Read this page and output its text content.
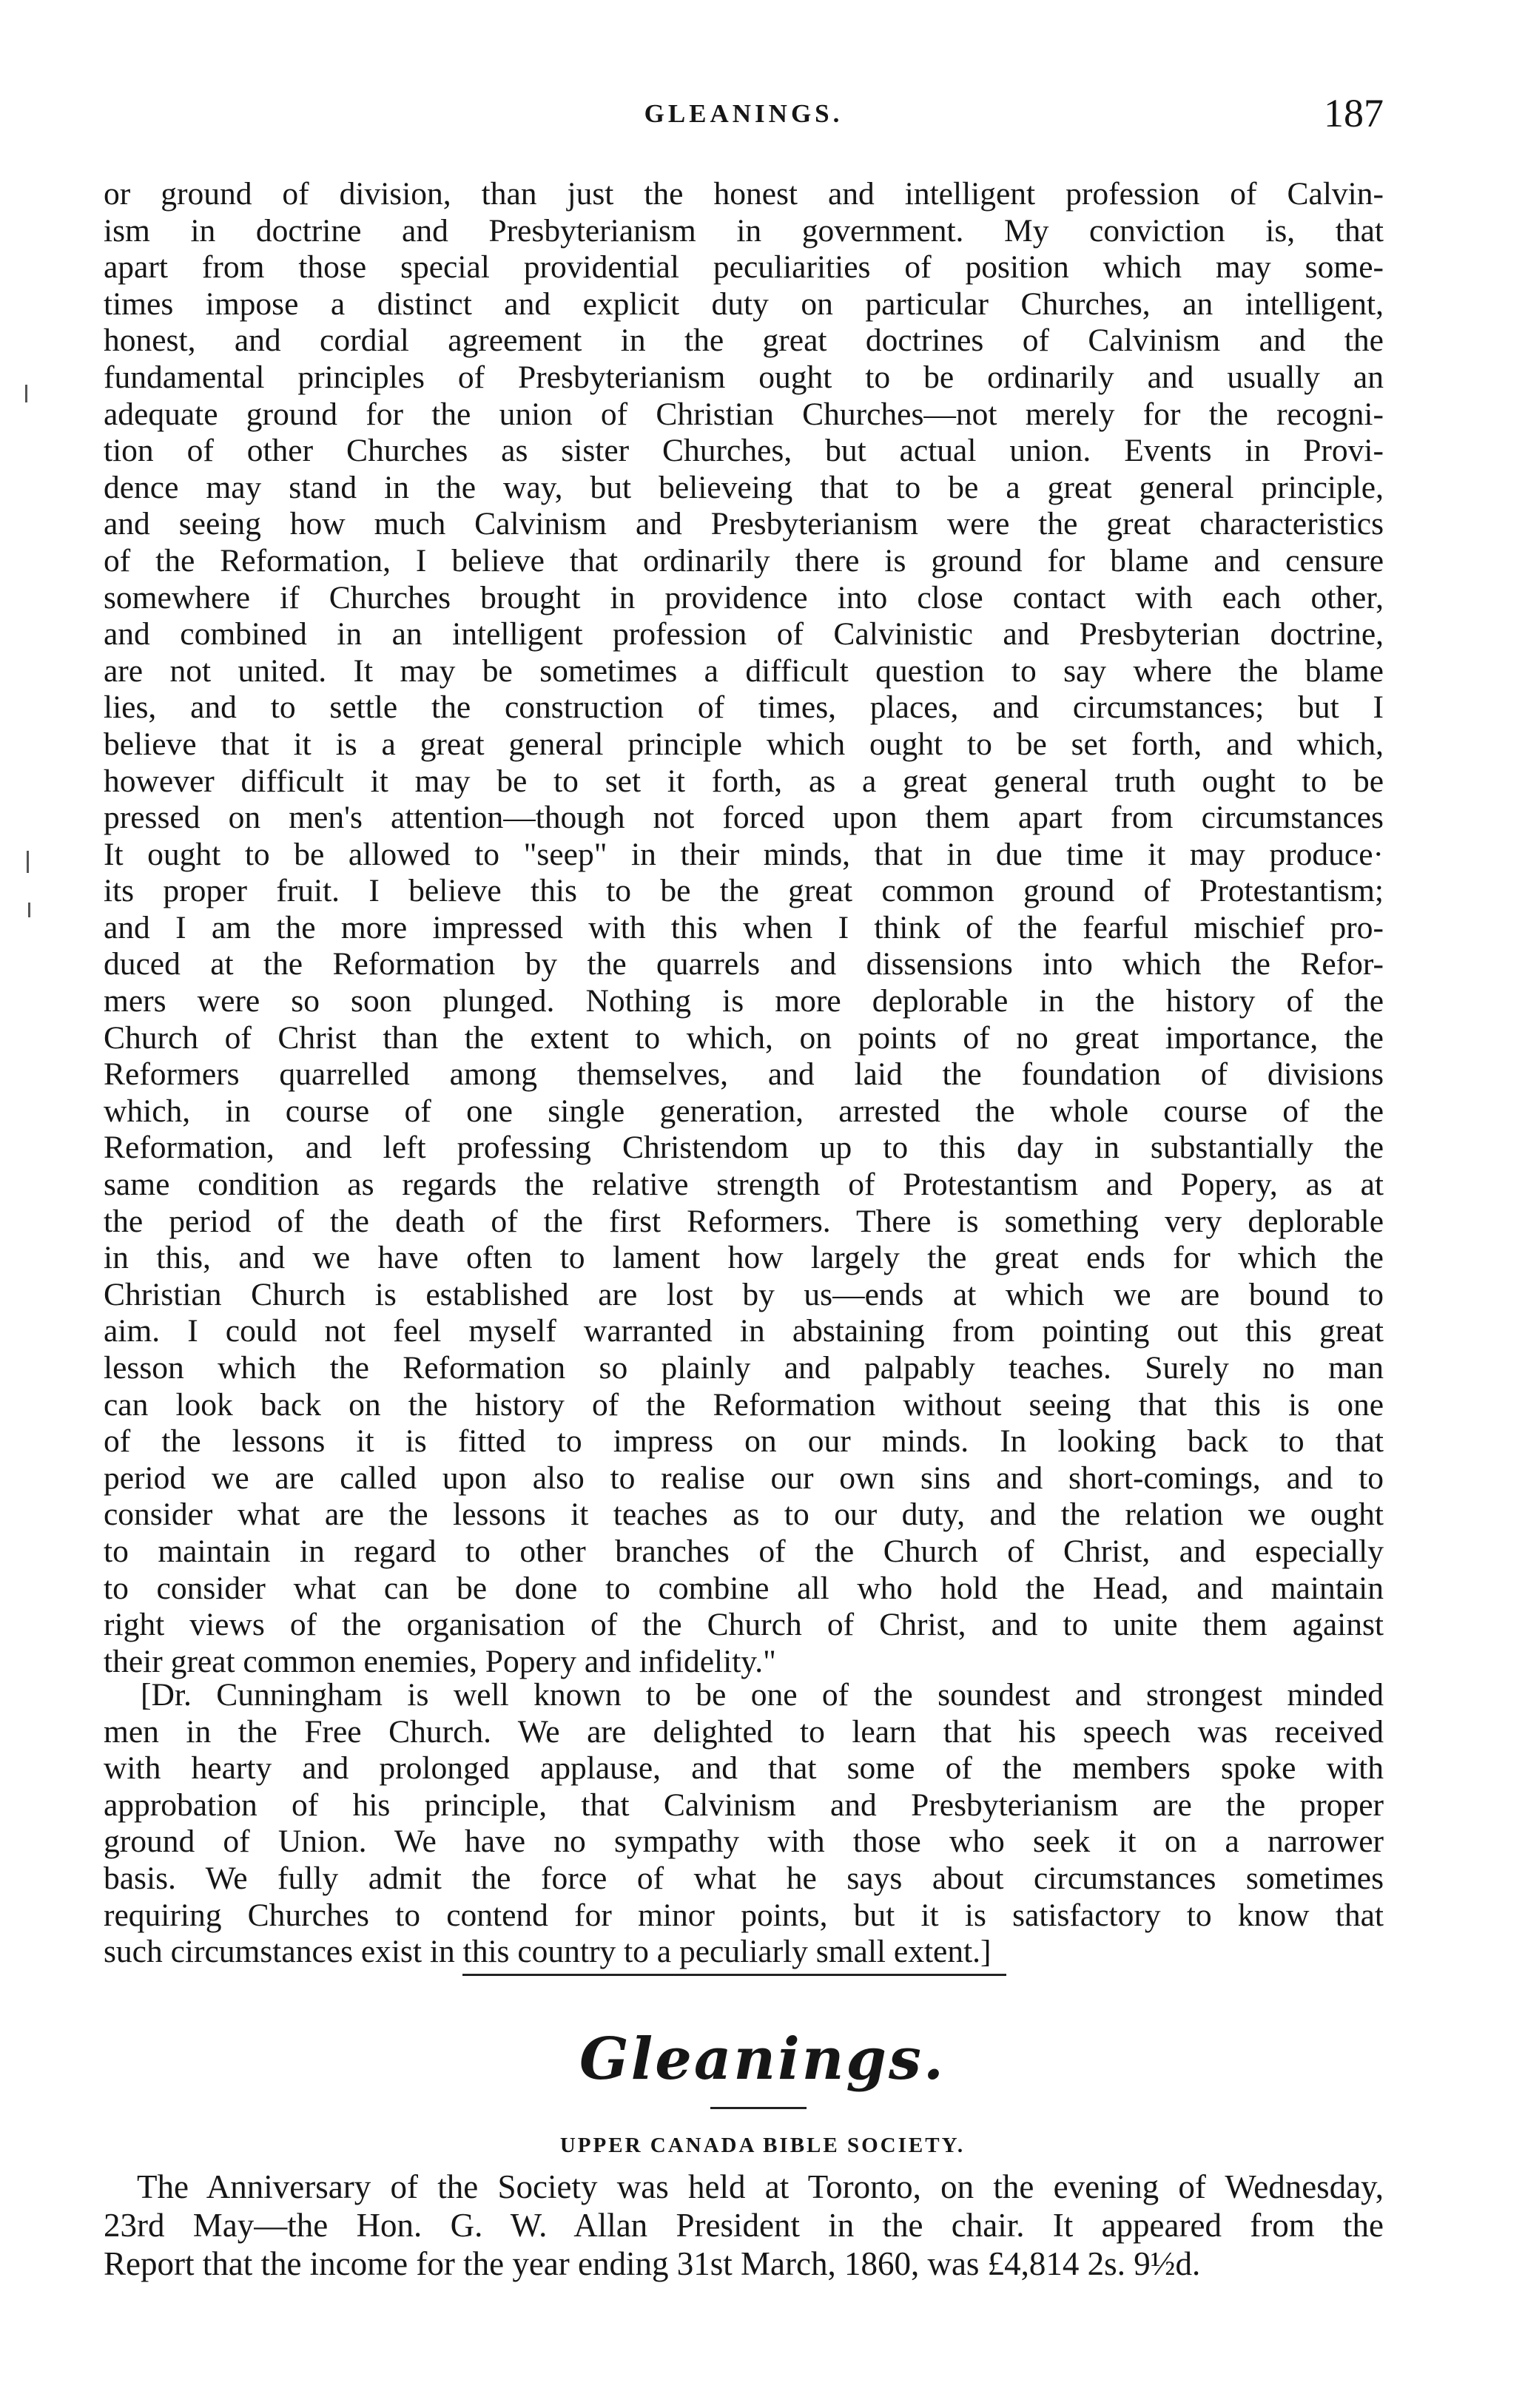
GLEANINGS.	187

or ground of division, than just the honest and intelligent profession of Calvin-
ism in doctrine and Presbyterianism in government. My conviction is, that
apart from those special providential peculiarities of position which may some-
times impose a distinct and explicit duty on particular Churches, an intelligent,
honest, and cordial agreement in the great doctrines of Calvinism and the
fundamental principles of Presbyterianism ought to be ordinarily and usually an
adequate ground for the union of Christian Churches—not merely for the recogni-
tion of other Churches as sister Churches, but actual union. Events in Provi-
dence may stand in the way, but believeing that to be a great general principle,
and seeing how much Calvinism and Presbyterianism were the great characteristics
of the Reformation, I believe that ordinarily there is ground for blame and censure
somewhere if Churches brought in providence into close contact with each other,
and combined in an intelligent profession of Calvinistic and Presbyterian doctrine,
are not united. It may be sometimes a difficult question to say where the blame
lies, and to settle the construction of times, places, and circumstances; but I
believe that it is a great general principle which ought to be set forth, and which,
however difficult it may be to set it forth, as a great general truth ought to be
pressed on men's attention—though not forced upon them apart from circumstances
It ought to be allowed to "seep" in their minds, that in due time it may produce·
its proper fruit. I believe this to be the great common ground of Protestantism;
and I am the more impressed with this when I think of the fearful mischief pro-
duced at the Reformation by the quarrels and dissensions into which the Refor-
mers were so soon plunged. Nothing is more deplorable in the history of the
Church of Christ than the extent to which, on points of no great importance, the
Reformers quarrelled among themselves, and laid the foundation of divisions
which, in course of one single generation, arrested the whole course of the
Reformation, and left professing Christendom up to this day in substantially the
same condition as regards the relative strength of Protestantism and Popery, as at
the period of the death of the first Reformers. There is something very deplorable
in this, and we have often to lament how largely the great ends for which the
Christian Church is established are lost by us—ends at which we are bound to
aim. I could not feel myself warranted in abstaining from pointing out this great
lesson which the Reformation so plainly and palpably teaches. Surely no man
can look back on the history of the Reformation without seeing that this is one
of the lessons it is fitted to impress on our minds. In looking back to that
period we are called upon also to realise our own sins and short-comings, and to
consider what are the lessons it teaches as to our duty, and the relation we ought
to maintain in regard to other branches of the Church of Christ, and especially
to consider what can be done to combine all who hold the Head, and maintain
right views of the organisation of the Church of Christ, and to unite them against
their great common enemies, Popery and infidelity."

[Dr. Cunningham is well known to be one of the soundest and strongest minded
men in the Free Church. We are delighted to learn that his speech was received
with hearty and prolonged applause, and that some of the members spoke with
approbation of his principle, that Calvinism and Presbyterianism are the proper
ground of Union. We have no sympathy with those who seek it on a narrower
basis. We fully admit the force of what he says about circumstances sometimes
requiring Churches to contend for minor points, but it is satisfactory to know that
such circumstances exist in this country to a peculiarly small extent.]
Gleanings.
UPPER CANADA BIBLE SOCIETY.
The Anniversary of the Society was held at Toronto, on the evening of Wednesday,
23rd May—the Hon. G. W. Allan President in the chair. It appeared from the
Report that the income for the year ending 31st March, 1860, was £4,814 2s. 9½d.
